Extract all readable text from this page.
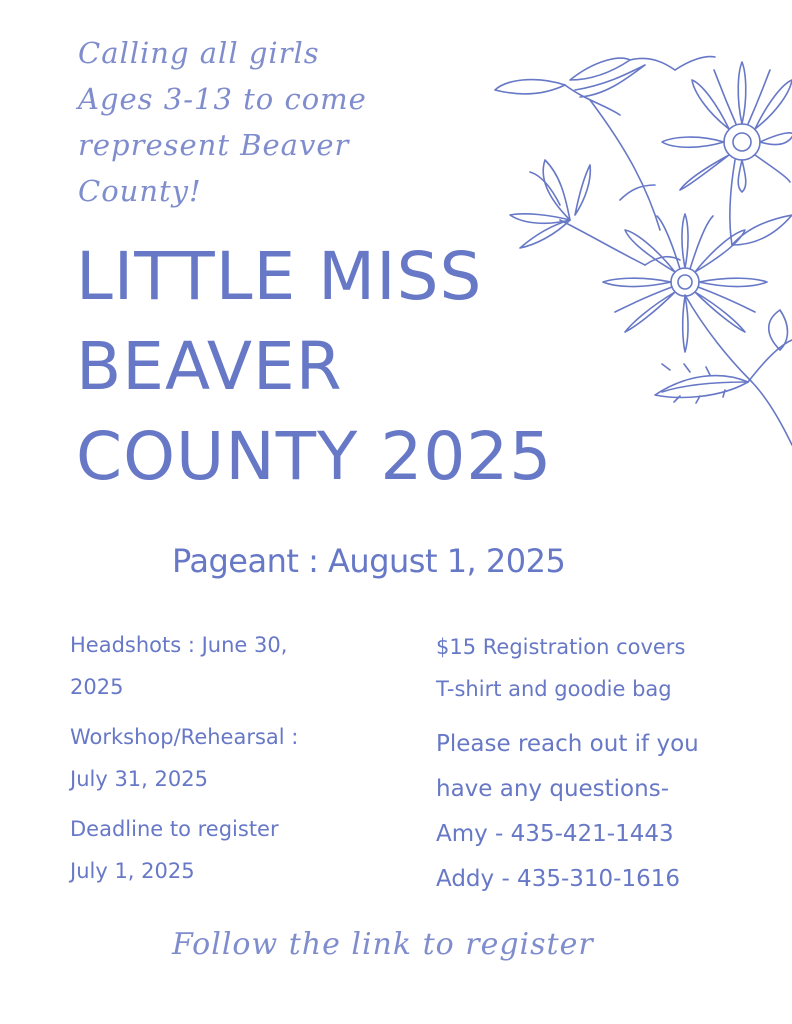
Calling all girls
Ages 3-13 to come
represent Beaver
County!

LITTLE MISS
BEAVER
COUNTY 2025

Pageant : August 1, 2025

Headshots : June 30,
2025
Workshop/Rehearsal :
July 31, 2025
Deadline to register
July 1, 2025
$15 Registration covers
T-shirt and goodie bag
Please reach out if you
have any questions-
Amy - 435-421-1443
Addy - 435-310-1616

Follow the link to register
